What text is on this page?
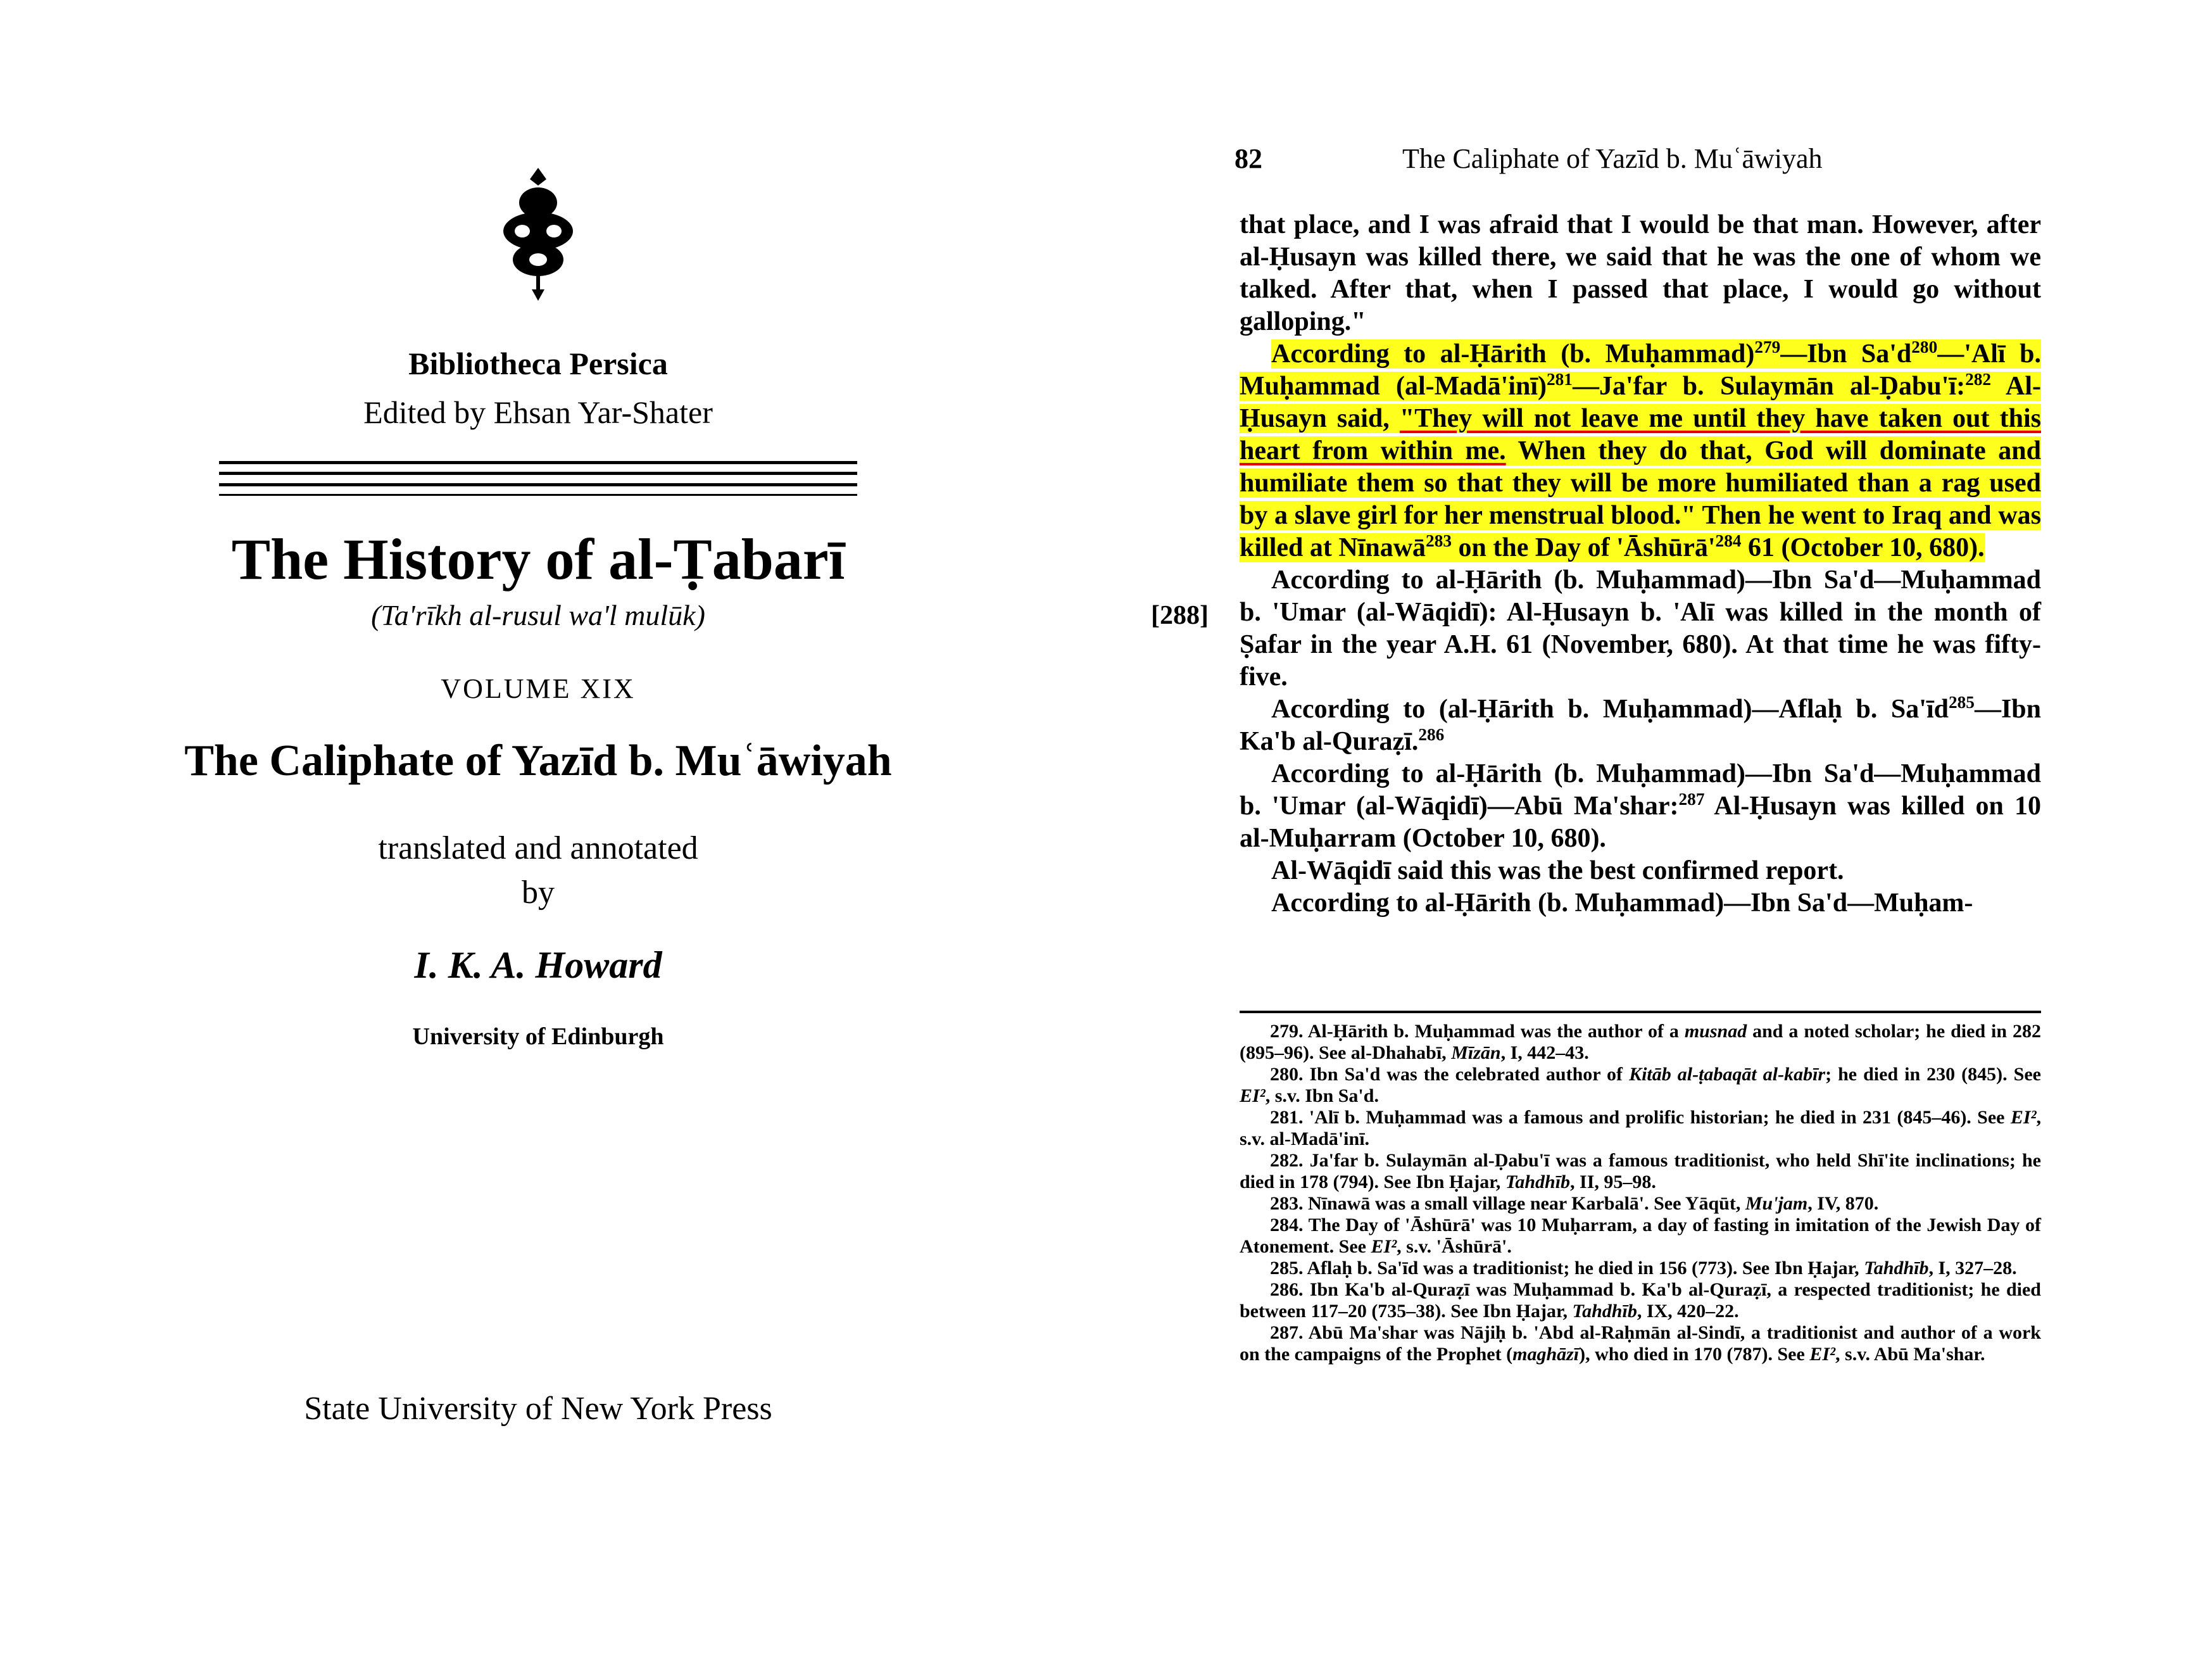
Bibliotheca Persica
Edited by Ehsan Yar-Shater
The History of al-Ṭabarī
(Ta'rīkh al-rusul wa'l mulūk)
VOLUME XIX
The Caliphate of Yazīd b. Muʿāwiyah
translated and annotated
by
I. K. A. Howard
University of Edinburgh
State University of New York Press
82	The Caliphate of Yazīd b. Muʿāwiyah
[288]

that place, and I was afraid that I would be that man. However, after al-Ḥusayn was killed there, we said that he was the one of whom we talked. After that, when I passed that place, I would go without galloping."

According to al-Ḥārith (b. Muḥammad)$^{279}$—Ibn $Sa'd^{280}—'Alī$ b. Muḥammad (al-Madā'inī)$^{281}$—Ja'far b. Sulaymān al-Ḍabu'ī:$^{282}$ Al-Ḥusayn said, "They will not leave me until they have taken out this heart from within me. When they do that, God will dominate and humiliate them so that they will be more humiliated than a rag used by a slave girl for her menstrual blood." Then he went to Iraq and was killed at Nīnawā$^{283}$ on the Day of '$Āshūrā'^{284}$ 61 (October 10, 680).

According to al-Ḥārith (b. Muḥammad)—Ibn Sa'd—Muḥammad b. 'Umar (al-Wāqidī): Al-Ḥusayn b. 'Alī was killed in the month of Ṣafar in the year A.H. 61 (November, 680). At that time he was fifty-five.

According to (al-Ḥārith b. Muḥammad)—Aflaḥ b. $Sa'īd^{285}—Ibn$ Ka'b al-Quraẓī.$^{286}$

According to al-Ḥārith (b. Muḥammad)—Ibn Sa'd—Muḥammad b. 'Umar (al-Wāqidī)—Abū Ma'shar:$^{287}$ Al-Ḥusayn was killed on 10 al-Muḥarram (October 10, 680).

Al-Wāqidī said this was the best confirmed report.

According to al-Ḥārith (b. Muḥammad)—Ibn Sa'd—Muḥam-

279. Al-Ḥārith b. Muḥammad was the author of a musnad and a noted scholar; he died in 282 (895–96). See al-Dhahabī, Mīzān, I, 442–43.

280. Ibn Sa'd was the celebrated author of Kitāb al-ṭabaqāt al-kabīr; he died in 230 (845). See EI², s.v. Ibn Sa'd.

281. 'Alī b. Muḥammad was a famous and prolific historian; he died in 231 (845–46). See EI², s.v. al-Madā'inī.

282. Ja'far b. Sulaymān al-Ḍabu'ī was a famous traditionist, who held Shī'ite inclinations; he died in 178 (794). See Ibn Ḥajar, Tahdhīb, II, 95–98.

283. Nīnawā was a small village near Karbalā'. See Yāqūt, Mu'jam, IV, 870.

284. The Day of 'Āshūrā' was 10 Muḥarram, a day of fasting in imitation of the Jewish Day of Atonement. See EI², s.v. 'Āshūrā'.

285. Aflaḥ b. Sa'īd was a traditionist; he died in 156 (773). See Ibn Ḥajar, Tahdhīb, I, 327–28.

286. Ibn Ka'b al-Quraẓī was Muḥammad b. Ka'b al-Quraẓī, a respected traditionist; he died between 117–20 (735–38). See Ibn Ḥajar, Tahdhīb, IX, 420–22.

287. Abū Ma'shar was Nājiḥ b. 'Abd al-Raḥmān al-Sindī, a traditionist and author of a work on the campaigns of the Prophet (maghāzī), who died in 170 (787). See EI², s.v. Abū Ma'shar.
